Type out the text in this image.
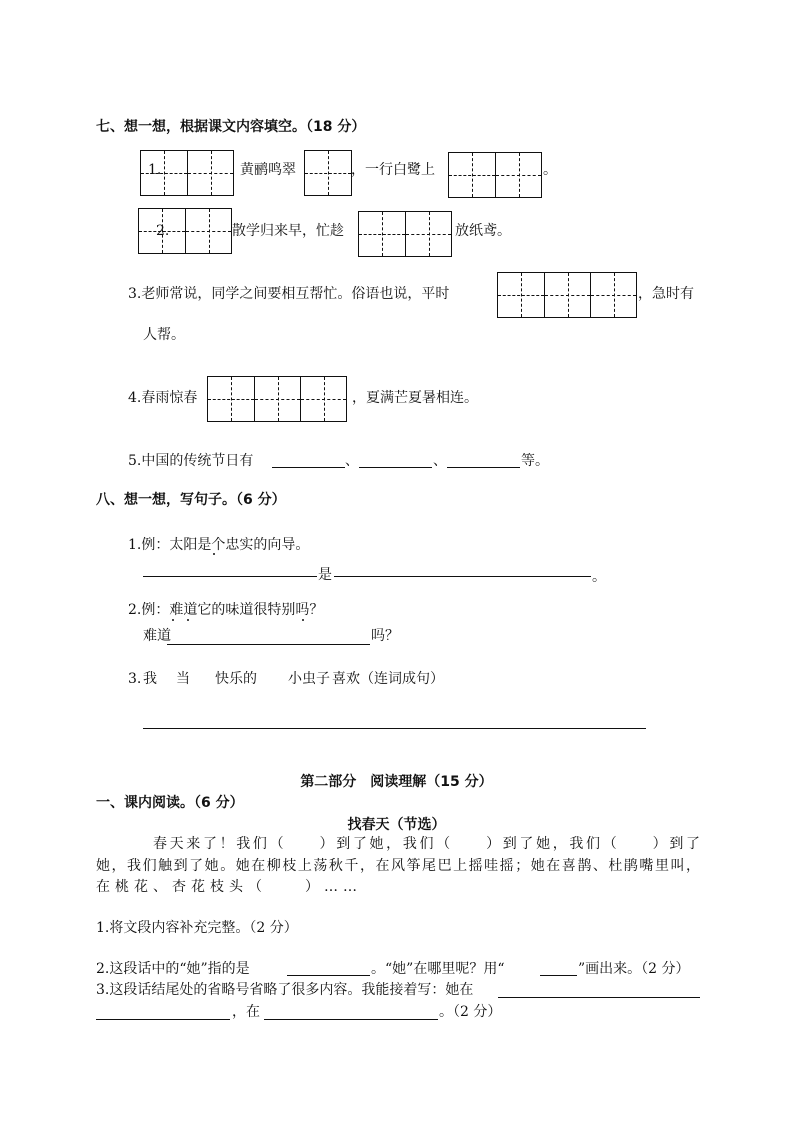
七、想一想，根据课文内容填空。（18 分）
1.	黄鹂鸣翠	，一行白鹭上	。
2.	散学归来早，忙趁	放纸鸢。
3.老师常说，同学之间要相互帮忙。俗语也说，平时	，急时有
人帮。
4.春雨惊春	，夏满芒夏暑相连。
5.中国的传统节日有	、	、	等。
八、想一想，写句子。（6 分）
1.例：太阳是个忠实的向导。
是	。
2.例：难道它的味道很特别吗？
难道	吗？
3. 我 当 快乐的 小虫子 喜欢 （连词成句）
第二部分　阅读理解（15 分）
一、课内阅读。（6 分）
找春天（节选）
春天来了！我们（　　）到了她，我们（　　）到了她，我们（　　）到了
她，我们触到了她。她在柳枝上荡秋千，在风筝尾巴上摇哇摇；她在喜鹊、杜鹃嘴里叫，
在桃花、杏花枝头（　　）……
1.将文段内容补充完整。（2 分）
2.这段话中的“她”指的是	。“她”在哪里呢？用“	”画出来。（2 分）
3.这段话结尾处的省略号省略了很多内容。我能接着写：她在
，在	。（2 分）
